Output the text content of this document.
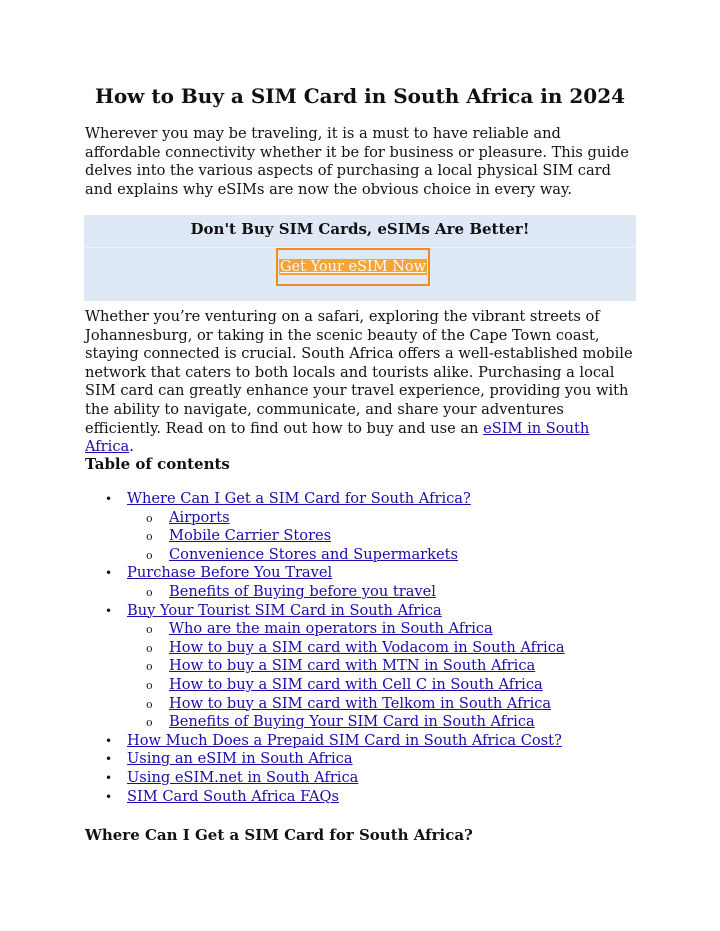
How to Buy a SIM Card in South Africa in 2024

Wherever you may be traveling, it is a must to have reliable and affordable connectivity whether it be for business or pleasure. This guide delves into the various aspects of purchasing a local physical SIM card and explains why eSIMs are now the obvious choice in every way.

Don't Buy SIM Cards, eSIMs Are Better!
Get Your eSIM Now

Whether you’re venturing on a safari, exploring the vibrant streets of Johannesburg, or taking in the scenic beauty of the Cape Town coast, staying connected is crucial. South Africa offers a well-established mobile network that caters to both locals and tourists alike. Purchasing a local SIM card can greatly enhance your travel experience, providing you with the ability to navigate, communicate, and share your adventures efficiently. Read on to find out how to buy and use an eSIM in South Africa.

Table of contents
• Where Can I Get a SIM Card for South Africa?
o Airports
o Mobile Carrier Stores
o Convenience Stores and Supermarkets
• Purchase Before You Travel
o Benefits of Buying before you travel
• Buy Your Tourist SIM Card in South Africa
o Who are the main operators in South Africa
o How to buy a SIM card with Vodacom in South Africa
o How to buy a SIM card with MTN in South Africa
o How to buy a SIM card with Cell C in South Africa
o How to buy a SIM card with Telkom in South Africa
o Benefits of Buying Your SIM Card in South Africa
• How Much Does a Prepaid SIM Card in South Africa Cost?
• Using an eSIM in South Africa
• Using eSIM.net in South Africa
• SIM Card South Africa FAQs
Where Can I Get a SIM Card for South Africa?
